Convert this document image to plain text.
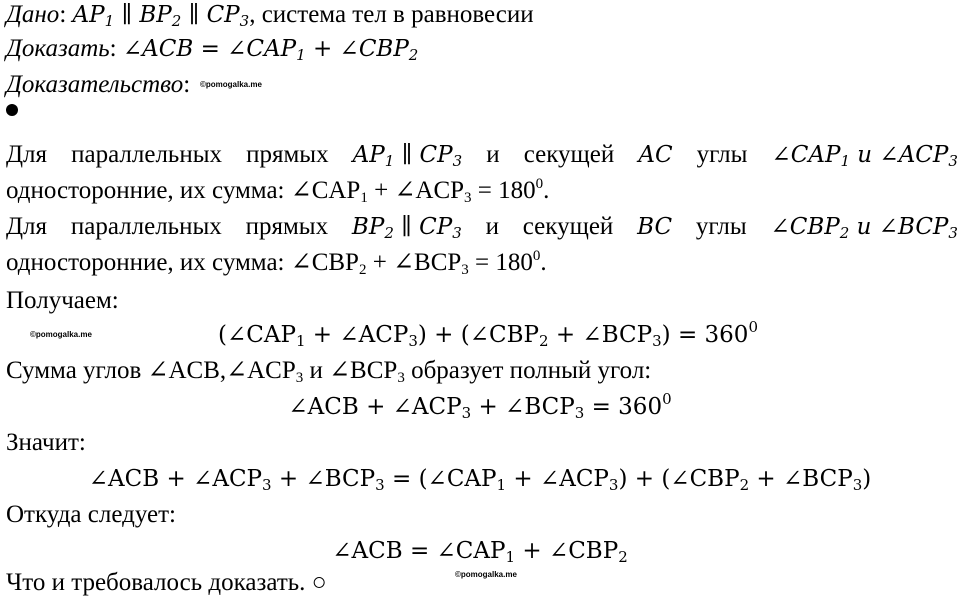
Дано: $AP_1$ ∥ $BP_2$ ∥ $CP_3$, система тел в равновесии
Доказать: ∠ACB = $\angle CAP_1$ + $\angle CBP_2$
Доказательство: ©pomogalka.me
Для параллельных прямых $AP_1$ ∥ $CP_3$ и секущей AC углы $\angle CAP_1$ и $\angle ACP_3$
односторонние, их сумма: $\angle CAP_1$ + $\angle ACP_3 = 180^0$.
Для параллельных прямых $BP_2$ ∥ $CP_3$ и секущей BC углы $\angle CBP_2$ и $\angle BCP_3$
односторонние, их сумма: $\angle CBP_2$ + $\angle BCP_3 = 180^0$.
Получаем:
©pomogalka.me	($\angle CAP_1$ + $\angle ACP_3$) + ($\angle CBP_2$ + $\angle BCP_3) = 360^0$
Сумма углов $\angle ACB,\angle ACP_3$ и $\angle BCP_3$ образует полный угол:
∠ACB + $\angle ACP_3$ + $\angle BCP_3 = 360^0$
Значит:
∠ACB + $\angle ACP_3$ + $\angle BCP_3$ = ($\angle CAP_1$ + $\angle ACP_3$) + ($\angle CBP_2$ + $\angle BCP_3$)
Откуда следует:
∠ACB = $\angle CAP_1$ + $\angle CBP_2$
Что и требовалось доказать. ○	©pomogalka.me
